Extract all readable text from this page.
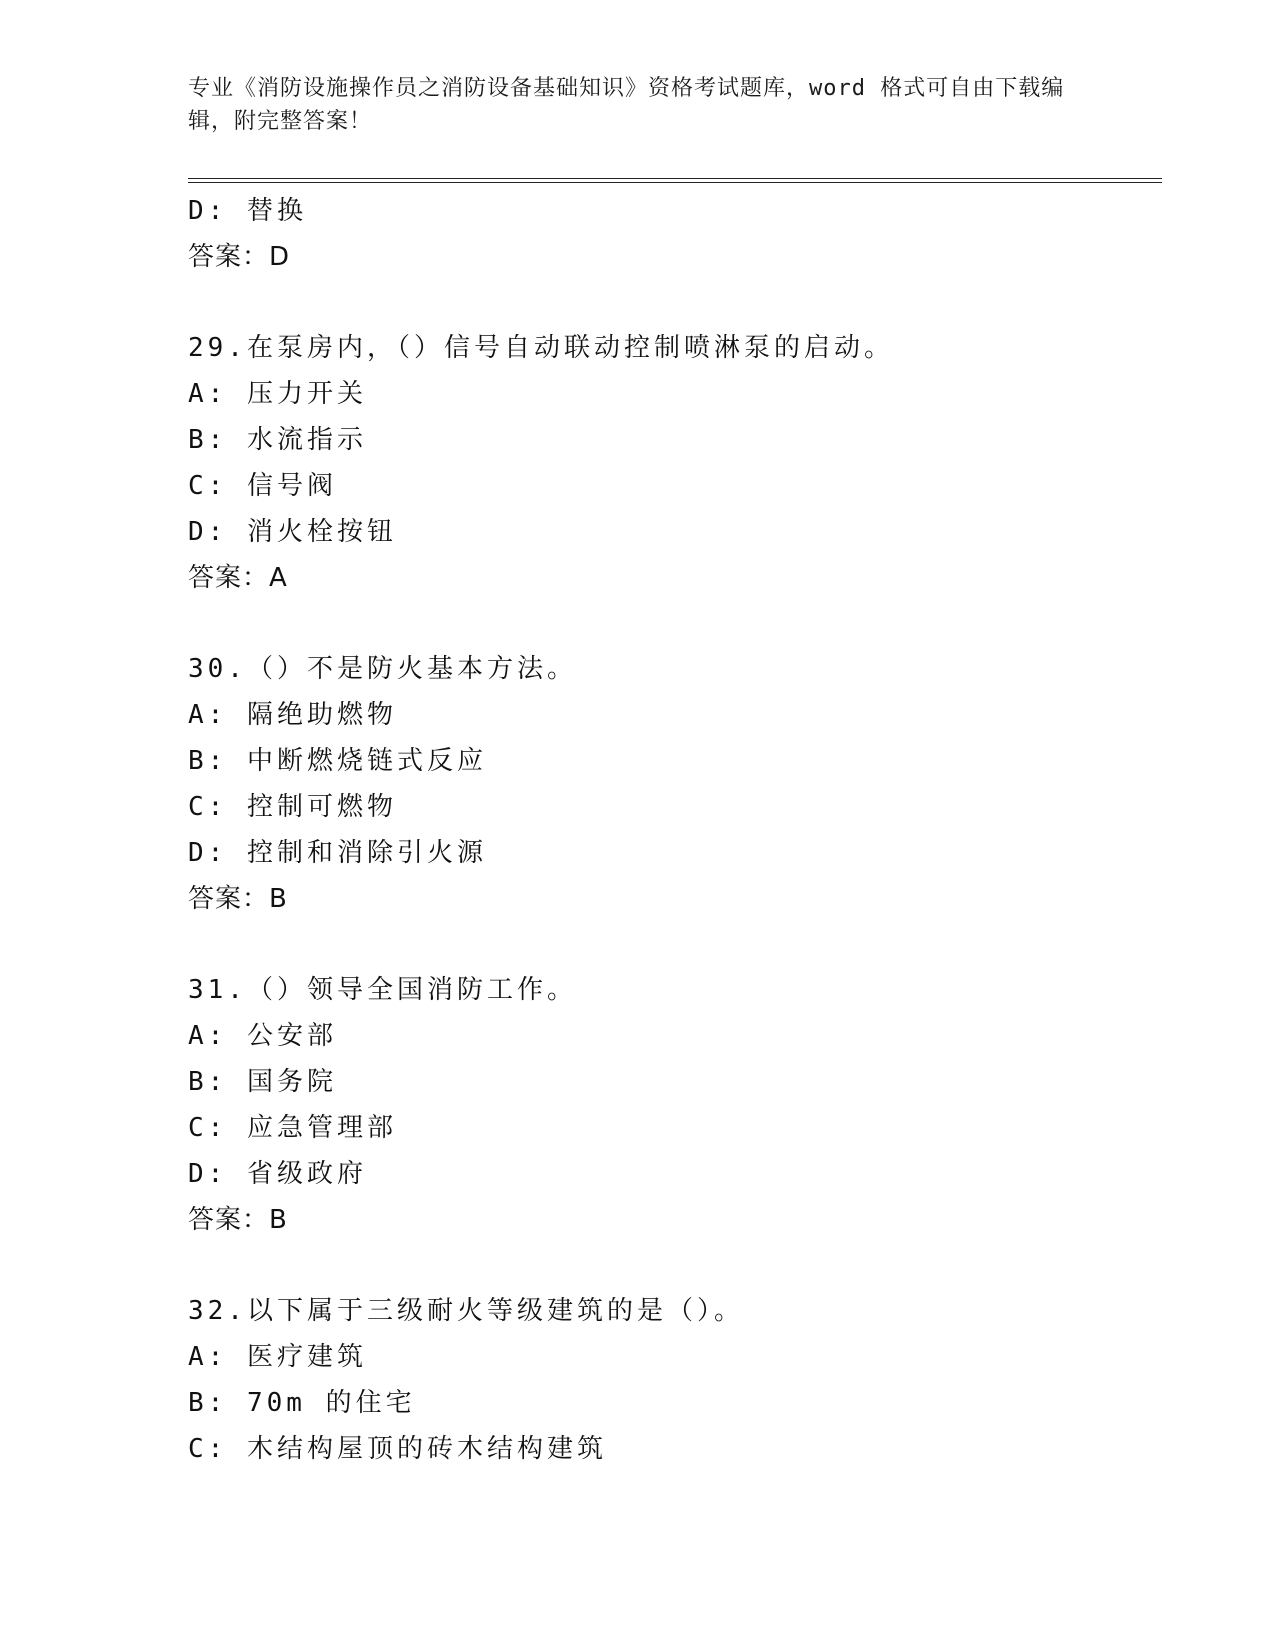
专业《消防设施操作员之消防设备基础知识》资格考试题库，word 格式可自由下载编辑，附完整答案！
D: 替换
答案：D
29.在泵房内，（）信号自动联动控制喷淋泵的启动。
A: 压力开关
B: 水流指示
C: 信号阀
D: 消火栓按钮
答案：A
30.（）不是防火基本方法。
A: 隔绝助燃物
B: 中断燃烧链式反应
C: 控制可燃物
D: 控制和消除引火源
答案：B
31.（）领导全国消防工作。
A: 公安部
B: 国务院
C: 应急管理部
D: 省级政府
答案：B
32.以下属于三级耐火等级建筑的是（）。
A: 医疗建筑
B: 70m 的住宅
C: 木结构屋顶的砖木结构建筑
